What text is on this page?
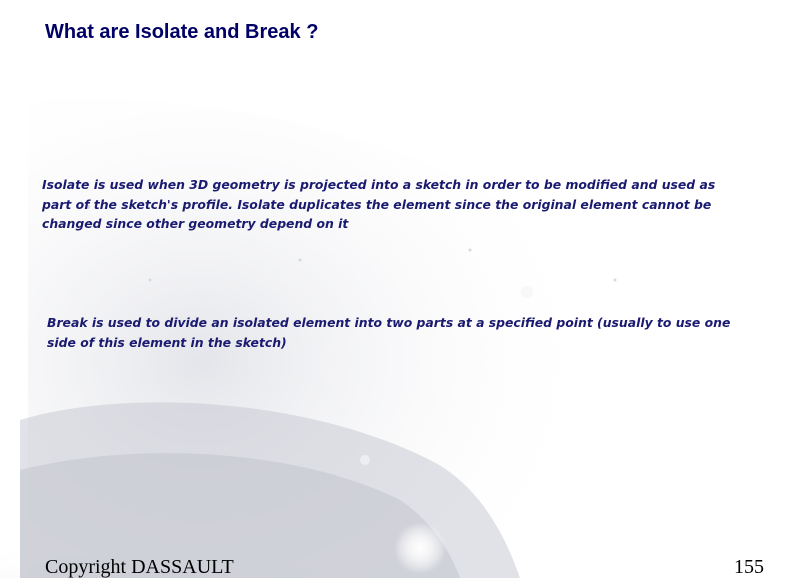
What are Isolate and Break ?
Isolate is used when 3D geometry is projected into a sketch in order to be modified and used as part of the sketch's profile. Isolate duplicates the element since the original element cannot be changed since other geometry depend on it
Break is used to divide an isolated element into two parts at a specified point (usually to use one side of this element in the sketch)
Copyright DASSAULT	155
